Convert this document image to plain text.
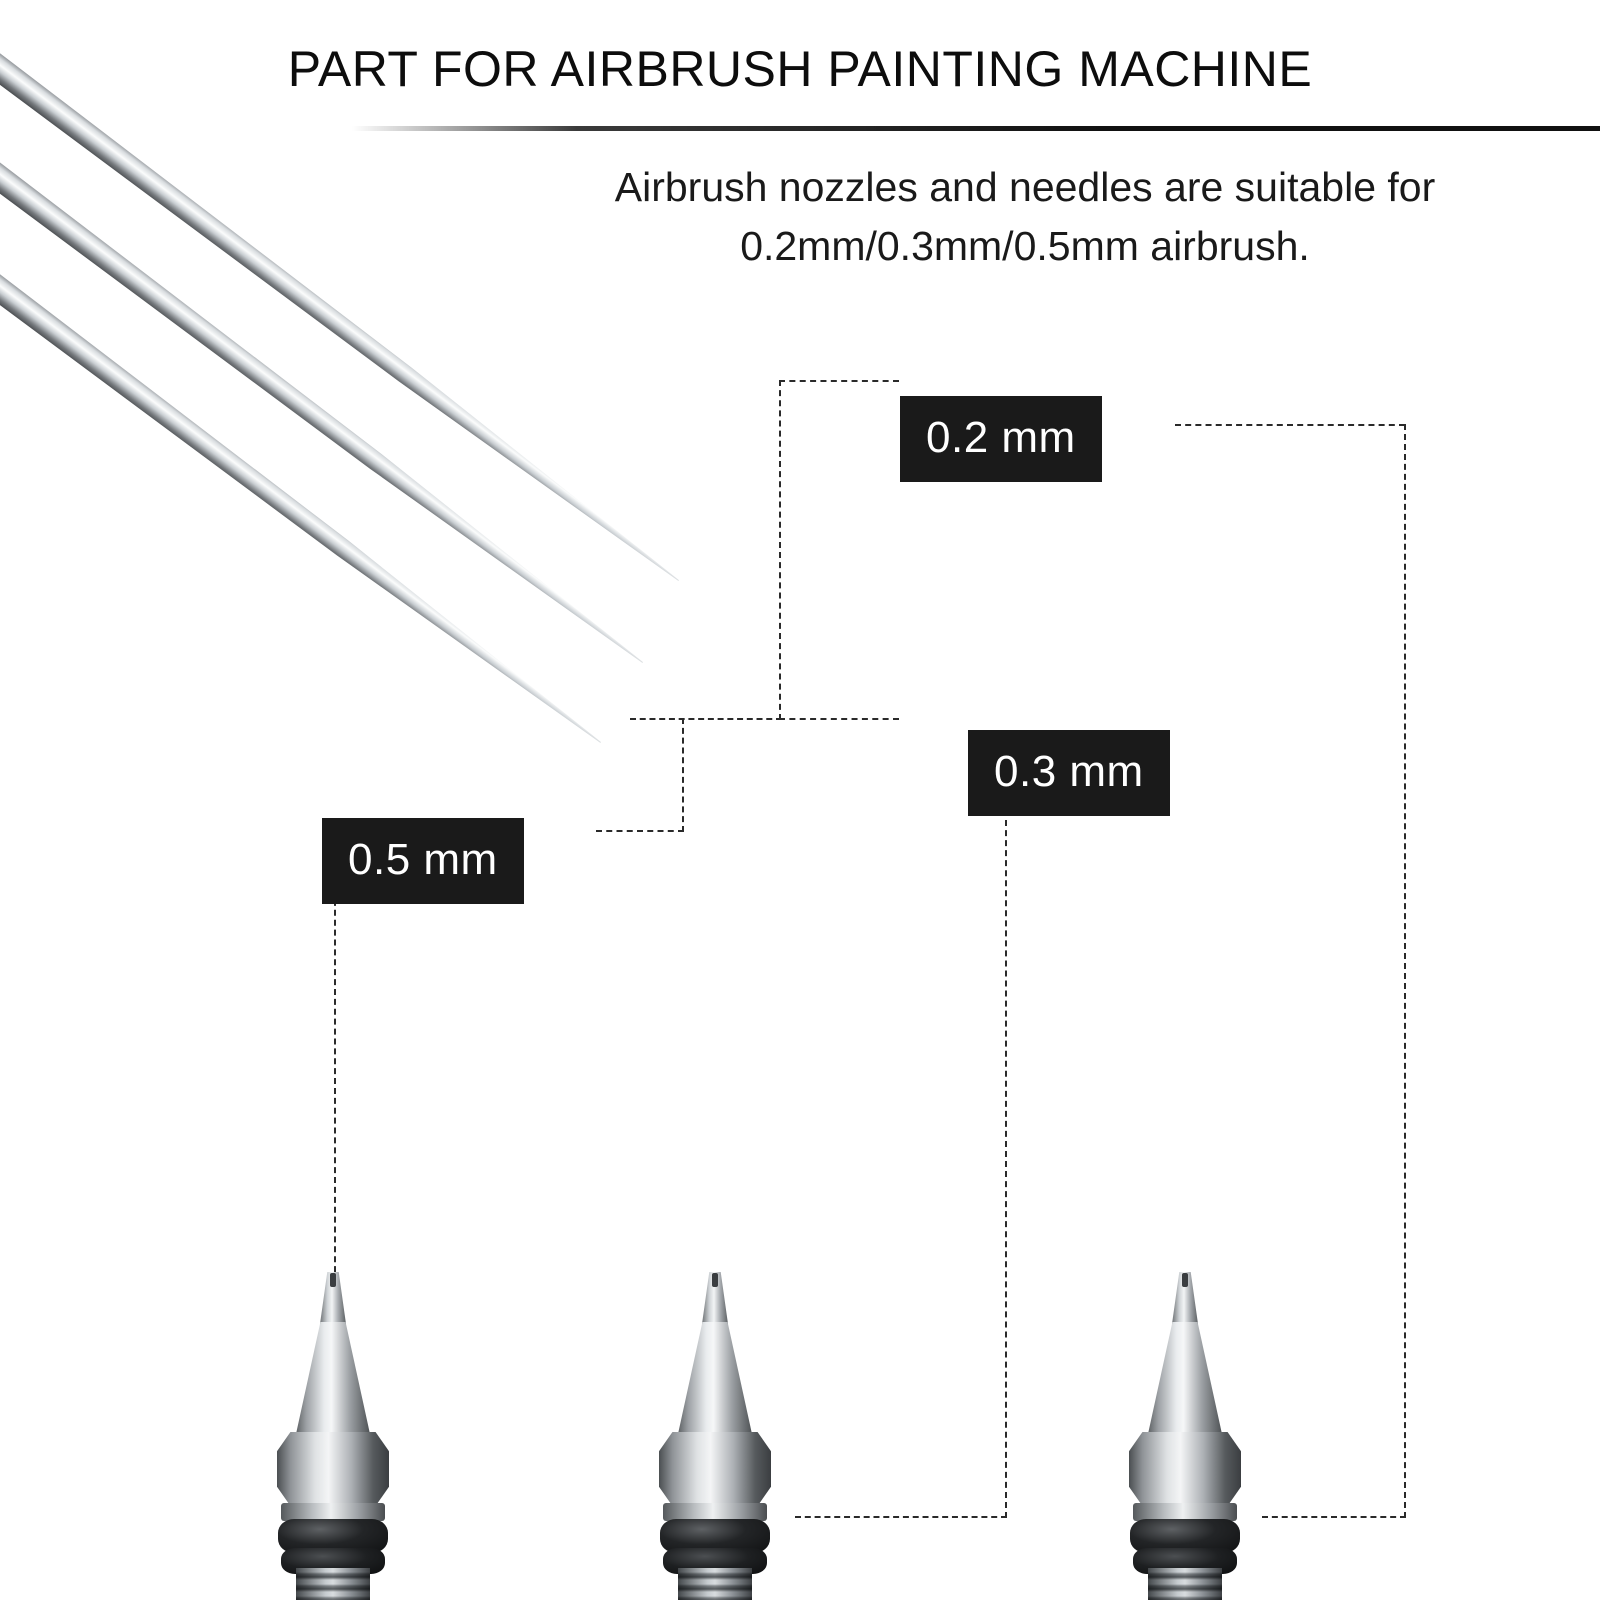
PART FOR AIRBRUSH PAINTING MACHINE
Airbrush nozzles and needles are suitable for 0.2mm/0.3mm/0.5mm airbrush.
0.2 mm
0.3 mm
0.5 mm
